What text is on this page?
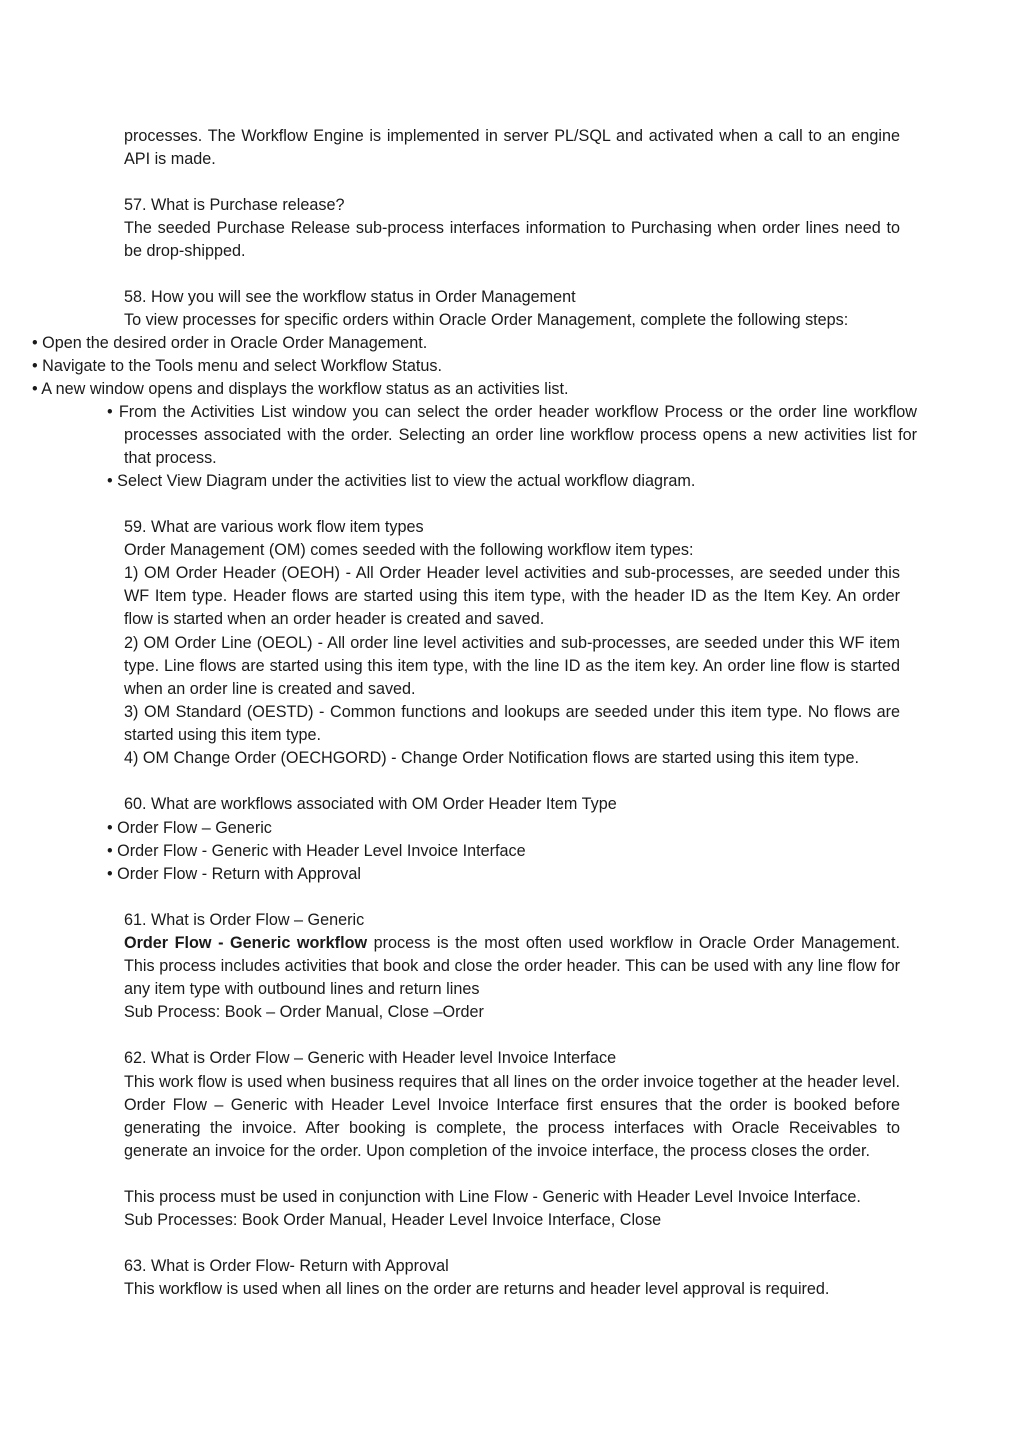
processes. The Workflow Engine is implemented in server PL/SQL and activated when a call to an engine API is made.

57. What is Purchase release?

The seeded Purchase Release sub-process interfaces information to Purchasing when order lines need to be drop-shipped.

58. How you will see the workflow status in Order Management

To view processes for specific orders within Oracle Order Management, complete the following steps:

• Open the desired order in Oracle Order Management.

• Navigate to the Tools menu and select Workflow Status.

• A new window opens and displays the workflow status as an activities list.

• From the Activities List window you can select the order header workflow Process or the order line workflow processes associated with the order. Selecting an order line workflow process opens a new activities list for that process.

• Select View Diagram under the activities list to view the actual workflow diagram.

59. What are various work flow item types

Order Management (OM) comes seeded with the following workflow item types:

1) OM Order Header (OEOH) - All Order Header level activities and sub-processes, are seeded under this WF Item type. Header flows are started using this item type, with the header ID as the Item Key. An order flow is started when an order header is created and saved.

2) OM Order Line (OEOL) - All order line level activities and sub-processes, are seeded under this WF item type. Line flows are started using this item type, with the line ID as the item key. An order line flow is started when an order line is created and saved.

3) OM Standard (OESTD) - Common functions and lookups are seeded under this item type. No flows are started using this item type.

4) OM Change Order (OECHGORD) - Change Order Notification flows are started using this item type.

60. What are workflows associated with OM Order Header Item Type

• Order Flow – Generic

• Order Flow - Generic with Header Level Invoice Interface

• Order Flow - Return with Approval

61. What is Order Flow – Generic

Order Flow - Generic workflow process is the most often used workflow in Oracle Order Management. This process includes activities that book and close the order header. This can be used with any line flow for any item type with outbound lines and return lines

Sub Process: Book – Order Manual, Close –Order

62. What is Order Flow – Generic with Header level Invoice Interface

This work flow is used when business requires that all lines on the order invoice together at the header level. Order Flow – Generic with Header Level Invoice Interface first ensures that the order is booked before generating the invoice. After booking is complete, the process interfaces with Oracle Receivables to generate an invoice for the order. Upon completion of the invoice interface, the process closes the order.

This process must be used in conjunction with Line Flow - Generic with Header Level Invoice Interface.

Sub Processes: Book Order Manual, Header Level Invoice Interface, Close

63. What is Order Flow- Return with Approval

This workflow is used when all lines on the order are returns and header level approval is required.
